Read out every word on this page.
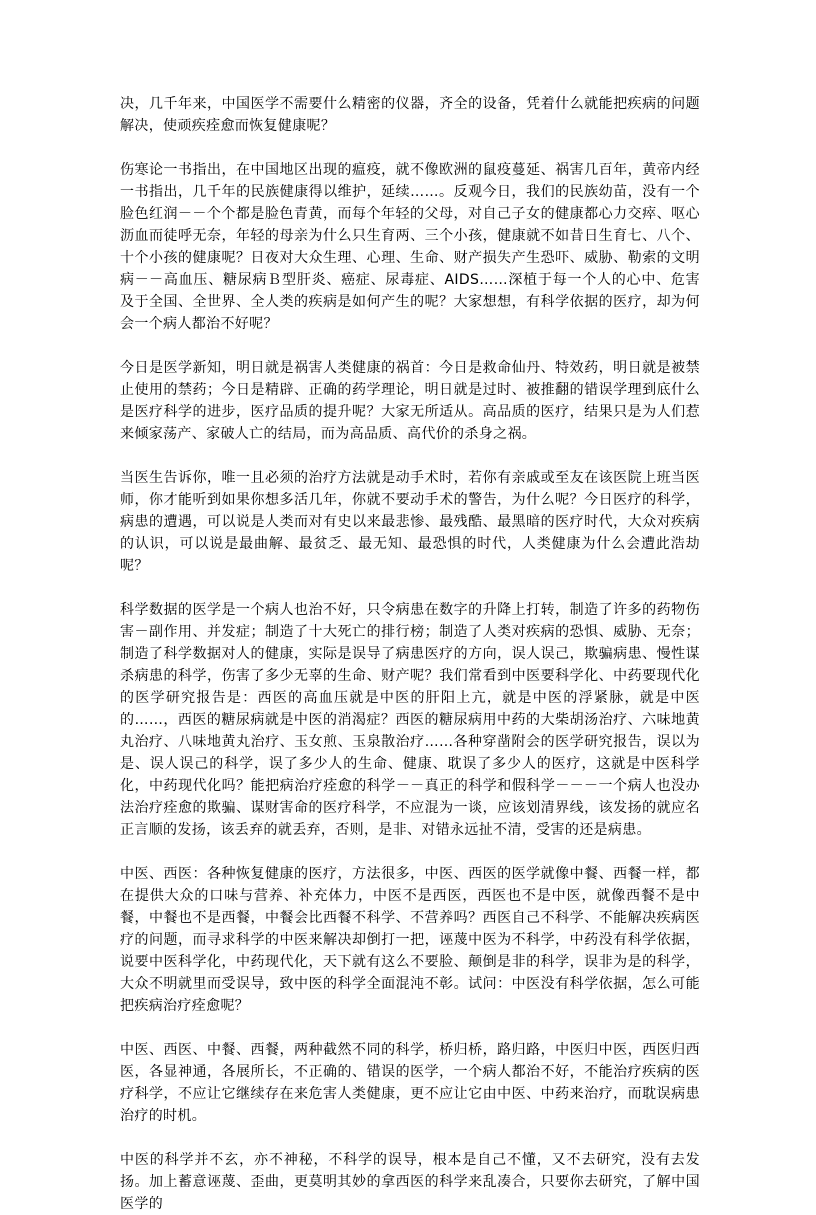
决，几千年来，中国医学不需要什么精密的仪器，齐全的设备，凭着什么就能把疾病的问题解决，使顽疾痊愈而恢复健康呢？

伤寒论一书指出，在中国地区出现的瘟疫，就不像欧洲的鼠疫蔓延、祸害几百年，黄帝内经一书指出，几千年的民族健康得以维护，延续……。反观今日，我们的民族幼苗，没有一个脸色红润－－个个都是脸色青黄，而每个年轻的父母，对自己子女的健康都心力交瘁、呕心沥血而徒呼无奈，年轻的母亲为什么只生育两、三个小孩，健康就不如昔日生育七、八个、十个小孩的健康呢？日夜对大众生理、心理、生命、财产损失产生恐吓、威胁、勒索的文明病－－高血压、糖尿病Ｂ型肝炎、癌症、尿毒症、AIDS……深植于每一个人的心中、危害及于全国、全世界、全人类的疾病是如何产生的呢？大家想想，有科学依据的医疗，却为何会一个病人都治不好呢？

今日是医学新知，明日就是祸害人类健康的祸首：今日是救命仙丹、特效药，明日就是被禁止使用的禁药；今日是精辟、正确的药学理论，明日就是过时、被推翻的错误学理到底什么是医疗科学的进步，医疗品质的提升呢？大家无所适从。高品质的医疗，结果只是为人们惹来倾家荡产、家破人亡的结局，而为高品质、高代价的杀身之祸。

当医生告诉你，唯一且必须的治疗方法就是动手术时，若你有亲戚或至友在该医院上班当医师，你才能听到如果你想多活几年，你就不要动手术的警告，为什么呢？今日医疗的科学，病患的遭遇，可以说是人类而对有史以来最悲惨、最残酷、最黑暗的医疗时代，大众对疾病的认识，可以说是最曲解、最贫乏、最无知、最恐惧的时代，人类健康为什么会遭此浩劫呢？

科学数据的医学是一个病人也治不好，只令病患在数字的升降上打转，制造了许多的药物伤害－副作用、并发症；制造了十大死亡的排行榜；制造了人类对疾病的恐惧、威胁、无奈；制造了科学数据对人的健康，实际是误导了病患医疗的方向，误人误己，欺骗病患、慢性谋杀病患的科学，伤害了多少无辜的生命、财产呢？我们常看到中医要科学化、中药要现代化的医学研究报告是：西医的高血压就是中医的肝阳上亢，就是中医的浮紧脉，就是中医的……，西医的糖尿病就是中医的消渴症？西医的糖尿病用中药的大柴胡汤治疗、六味地黄丸治疗、八味地黄丸治疗、玉女煎、玉泉散治疗……各种穿凿附会的医学研究报告，误以为是、误人误己的科学，误了多少人的生命、健康、耽误了多少人的医疗，这就是中医科学化，中药现代化吗？能把病治疗痊愈的科学－－真正的科学和假科学－－－一个病人也没办法治疗痊愈的欺骗、谋财害命的医疗科学，不应混为一谈，应该划清界线，该发扬的就应名正言顺的发扬，该丢弃的就丢弃，否则，是非、对错永远扯不清，受害的还是病患。

中医、西医：各种恢复健康的医疗，方法很多，中医、西医的医学就像中餐、西餐一样，都在提供大众的口味与营养、补充体力，中医不是西医，西医也不是中医，就像西餐不是中餐，中餐也不是西餐，中餐会比西餐不科学、不营养吗？西医自己不科学、不能解决疾病医疗的问题，而寻求科学的中医来解决却倒打一把，诬蔑中医为不科学，中药没有科学依据，说要中医科学化，中药现代化，天下就有这么不要脸、颠倒是非的科学，误非为是的科学，大众不明就里而受误导，致中医的科学全面混沌不彰。试问：中医没有科学依据，怎么可能把疾病治疗痊愈呢？

中医、西医、中餐、西餐，两种截然不同的科学，桥归桥，路归路，中医归中医，西医归西医，各显神通，各展所长，不正确的、错误的医学，一个病人都治不好，不能治疗疾病的医疗科学，不应让它继续存在来危害人类健康，更不应让它由中医、中药来治疗，而耽误病患治疗的时机。

中医的科学并不玄，亦不神秘，不科学的误导，根本是自己不懂，又不去研究，没有去发扬。加上蓄意诬蔑、歪曲，更莫明其妙的拿西医的科学来乱凑合，只要你去研究，了解中国医学的
